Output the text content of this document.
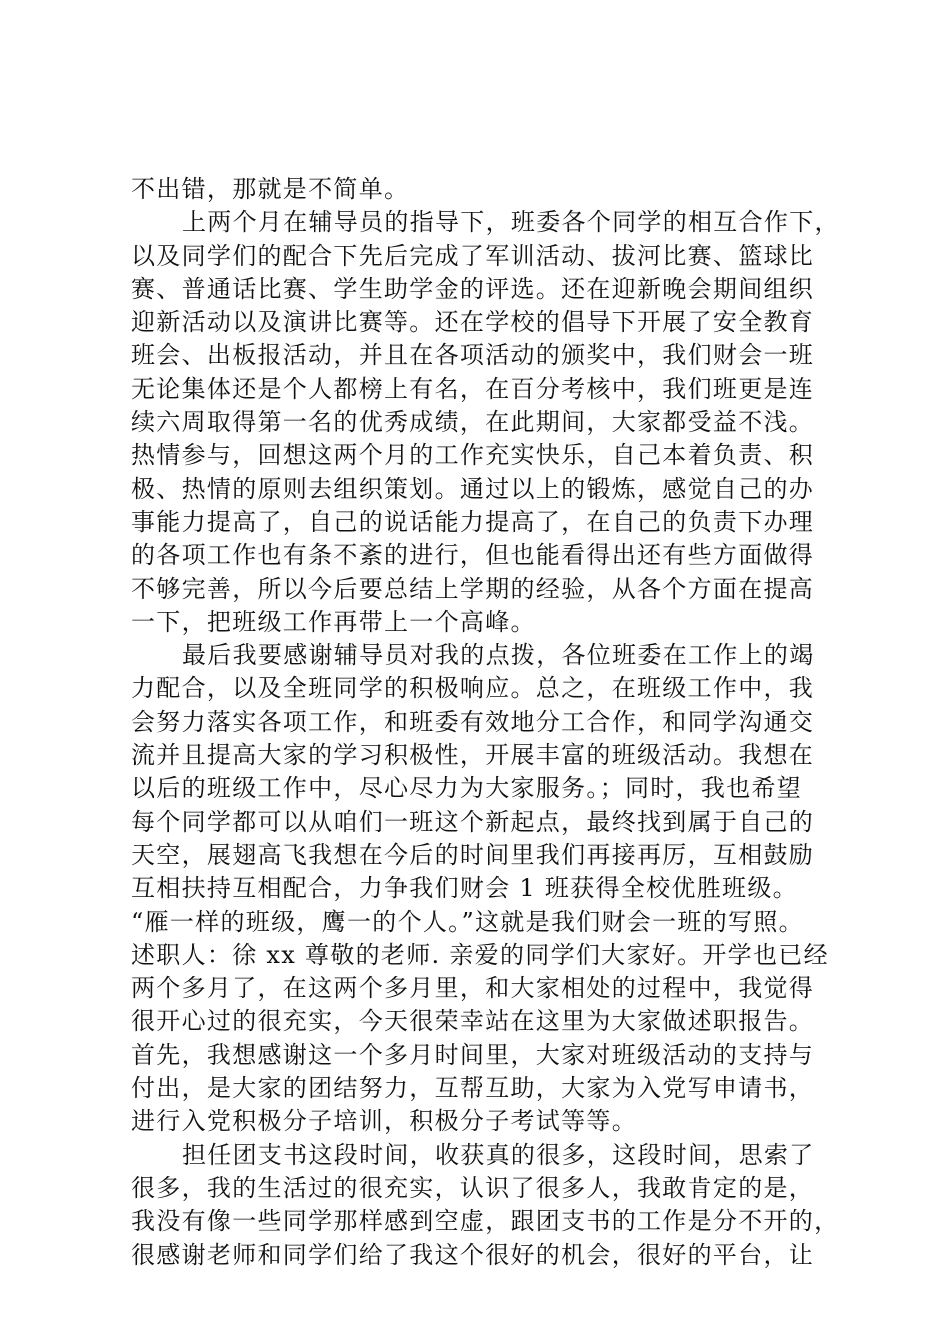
不出错，那就是不简单。
上两个月在辅导员的指导下，班委各个同学的相互合作下，
以及同学们的配合下先后完成了军训活动、拔河比赛、篮球比
赛、普通话比赛、学生助学金的评选。还在迎新晚会期间组织
迎新活动以及演讲比赛等。还在学校的倡导下开展了安全教育
班会、出板报活动，并且在各项活动的颁奖中，我们财会一班
无论集体还是个人都榜上有名，在百分考核中，我们班更是连
续六周取得第一名的优秀成绩，在此期间，大家都受益不浅。
热情参与，回想这两个月的工作充实快乐，自己本着负责、积
极、热情的原则去组织策划。通过以上的锻炼，感觉自己的办
事能力提高了，自己的说话能力提高了，在自己的负责下办理
的各项工作也有条不紊的进行，但也能看得出还有些方面做得
不够完善，所以今后要总结上学期的经验，从各个方面在提高
一下，把班级工作再带上一个高峰。
最后我要感谢辅导员对我的点拨，各位班委在工作上的竭
力配合，以及全班同学的积极响应。总之，在班级工作中，我
会努力落实各项工作，和班委有效地分工合作，和同学沟通交
流并且提高大家的学习积极性，开展丰富的班级活动。我想在
以后的班级工作中，尽心尽力为大家服务。；同时，我也希望
每个同学都可以从咱们一班这个新起点，最终找到属于自己的
天空，展翅高飞我想在今后的时间里我们再接再厉，互相鼓励
互相扶持互相配合，力争我们财会 1 班获得全校优胜班级。
“雁一样的班级，鹰一的个人。”这就是我们财会一班的写照。
述职人：徐 xx 尊敬的老师. 亲爱的同学们大家好。开学也已经
两个多月了，在这两个多月里，和大家相处的过程中，我觉得
很开心过的很充实，今天很荣幸站在这里为大家做述职报告。
首先，我想感谢这一个多月时间里，大家对班级活动的支持与
付出，是大家的团结努力，互帮互助，大家为入党写申请书，
进行入党积极分子培训，积极分子考试等等。
担任团支书这段时间，收获真的很多，这段时间，思索了
很多，我的生活过的很充实，认识了很多人，我敢肯定的是，
我没有像一些同学那样感到空虚，跟团支书的工作是分不开的，
很感谢老师和同学们给了我这个很好的机会，很好的平台，让
